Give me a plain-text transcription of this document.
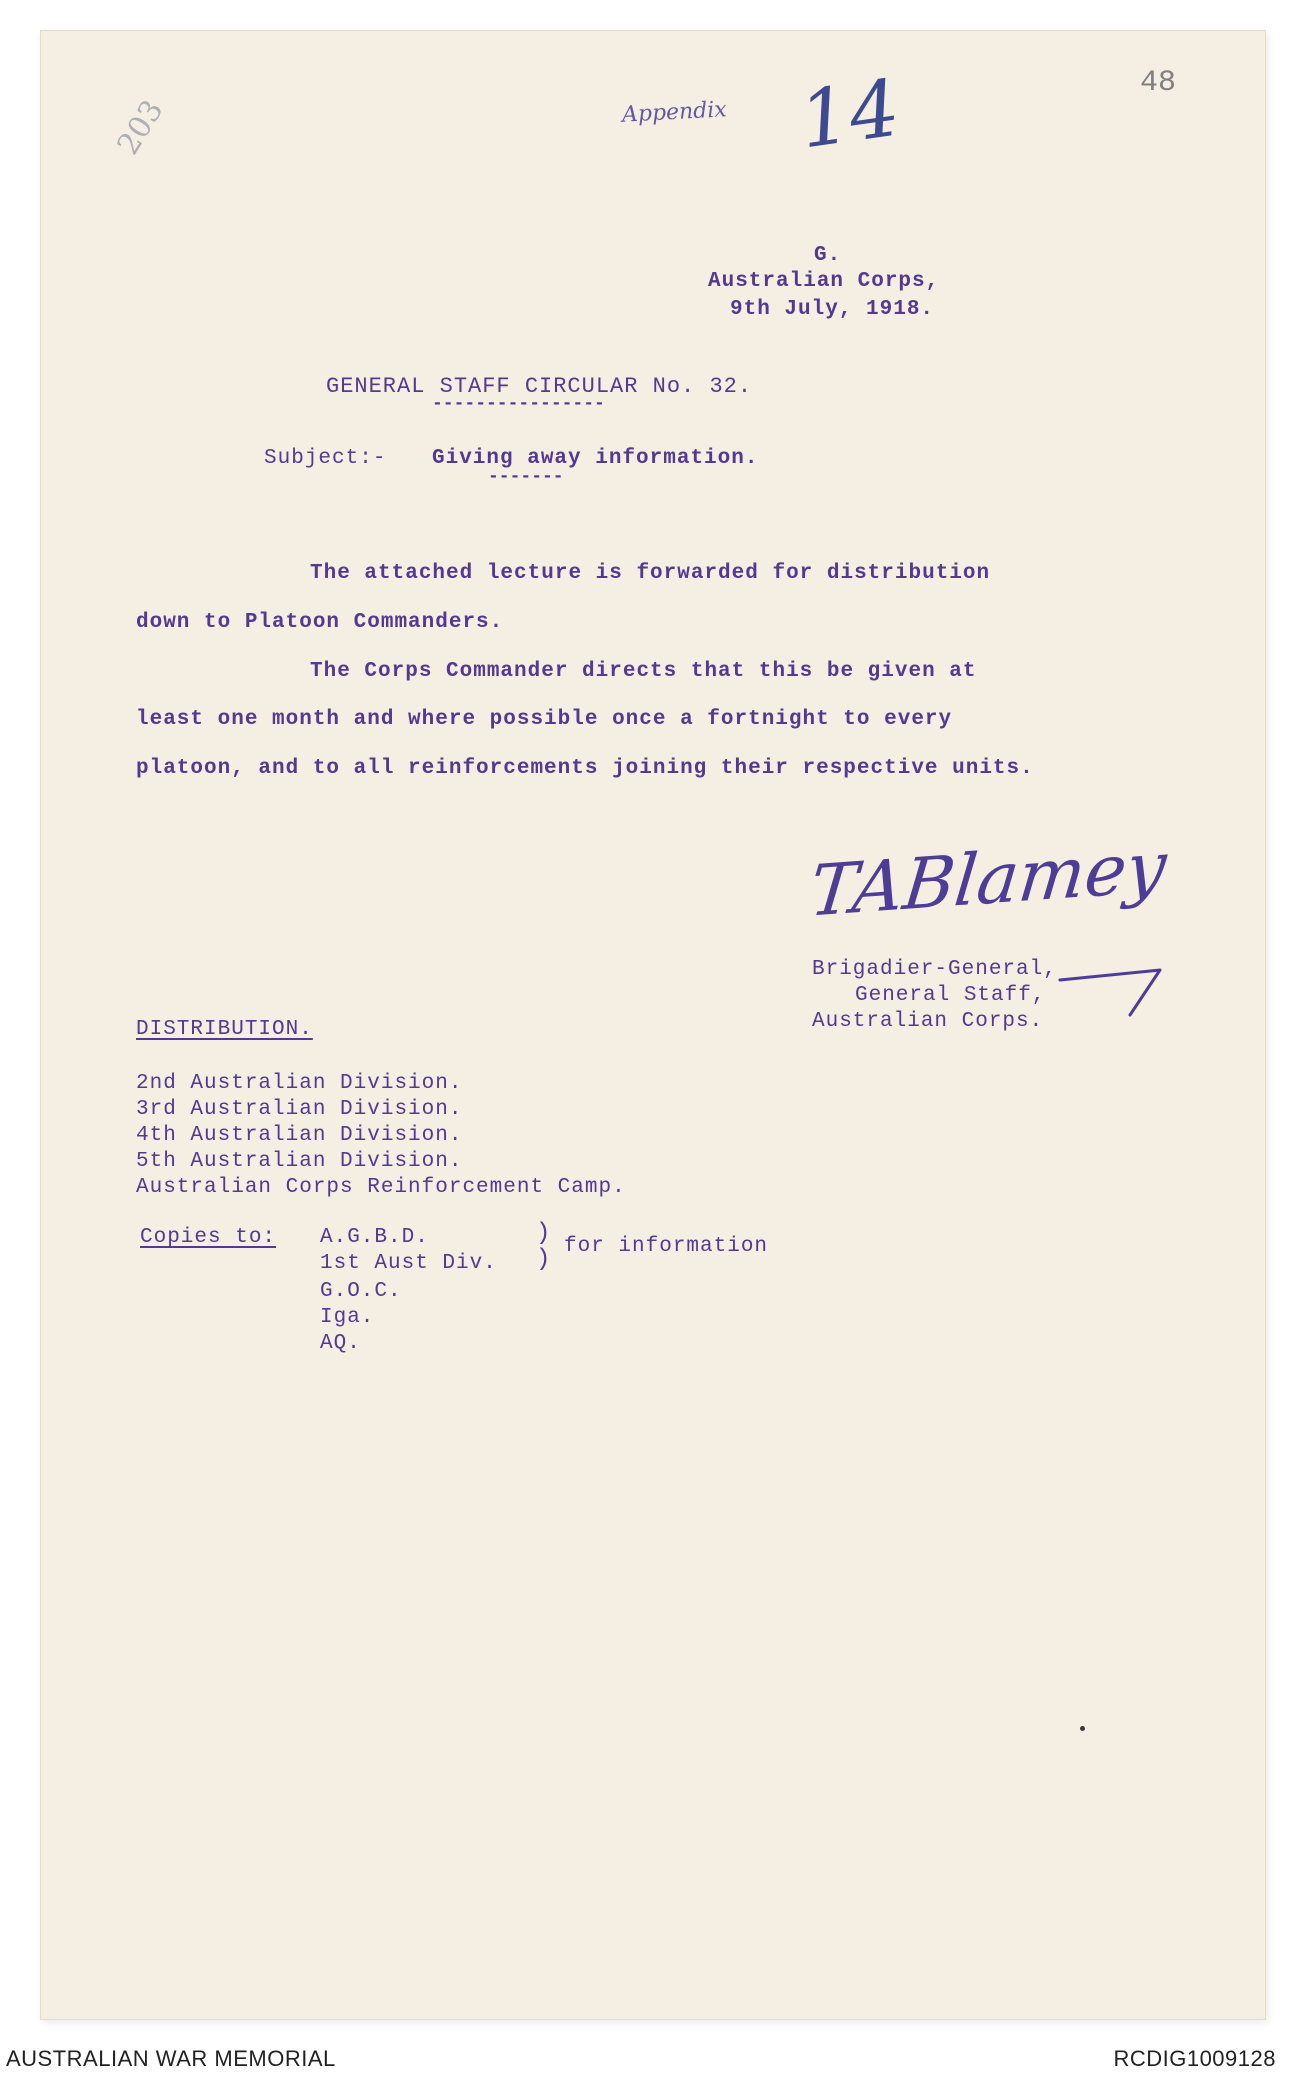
203	Appendix 14	48
G.
Australian Corps,
9th July, 1918.
GENERAL STAFF CIRCULAR No. 32.
----------------
Subject:- Giving away information.
-------
The attached lecture is forwarded for distribution
down to Platoon Commanders.
The Corps Commander directs that this be given at
least one month and where possible once a fortnight to every
platoon, and to all reinforcements joining their respective units.
TABlamey
Brigadier-General,
General Staff,
Australian Corps.
DISTRIBUTION.
2nd Australian Division.
3rd Australian Division.
4th Australian Division.
5th Australian Division.
Australian Corps Reinforcement Camp.
Copies to: A.G.B.D.
1st Aust Div.
)
) for information
G.O.C.
Iga.
AQ.
AUSTRALIAN WAR MEMORIAL	RCDIG1009128
